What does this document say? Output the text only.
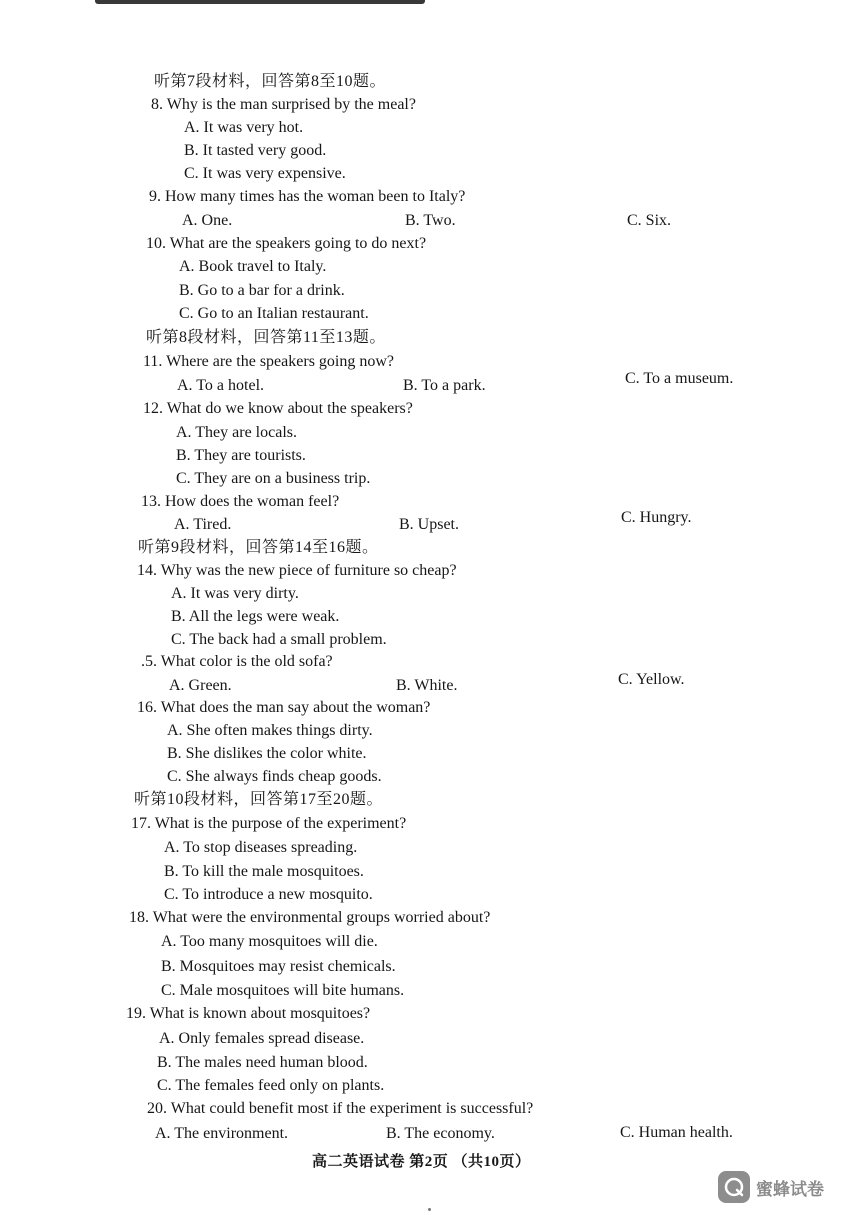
听第7段材料，回答第8至10题。
8. Why is the man surprised by the meal?
A. It was very hot.
B. It tasted very good.
C. It was very expensive.
9. How many times has the woman been to Italy?
A. One.	B. Two.	C. Six.
10. What are the speakers going to do next?
A. Book travel to Italy.
B. Go to a bar for a drink.
C. Go to an Italian restaurant.
听第8段材料，回答第11至13题。
11. Where are the speakers going now?
A. To a hotel.	B. To a park.	C. To a museum.
12. What do we know about the speakers?
A. They are locals.
B. They are tourists.
C. They are on a business trip.
13. How does the woman feel?
A. Tired.	B. Upset.	C. Hungry.
听第9段材料，回答第14至16题。
14. Why was the new piece of furniture so cheap?
A. It was very dirty.
B. All the legs were weak.
C. The back had a small problem.
.5. What color is the old sofa?
A. Green.	B. White.	C. Yellow.
16. What does the man say about the woman?
A. She often makes things dirty.
B. She dislikes the color white.
C. She always finds cheap goods.
听第10段材料，回答第17至20题。
17. What is the purpose of the experiment?
A. To stop diseases spreading.
B. To kill the male mosquitoes.
C. To introduce a new mosquito.
18. What were the environmental groups worried about?
A. Too many mosquitoes will die.
B. Mosquitoes may resist chemicals.
C. Male mosquitoes will bite humans.
19. What is known about mosquitoes?
A. Only females spread disease.
B. The males need human blood.
C. The females feed only on plants.
20. What could benefit most if the experiment is successful?
A. The environment.	B. The economy.	C. Human health.
高二英语试卷 第2页 （共10页）
蜜蜂试卷
